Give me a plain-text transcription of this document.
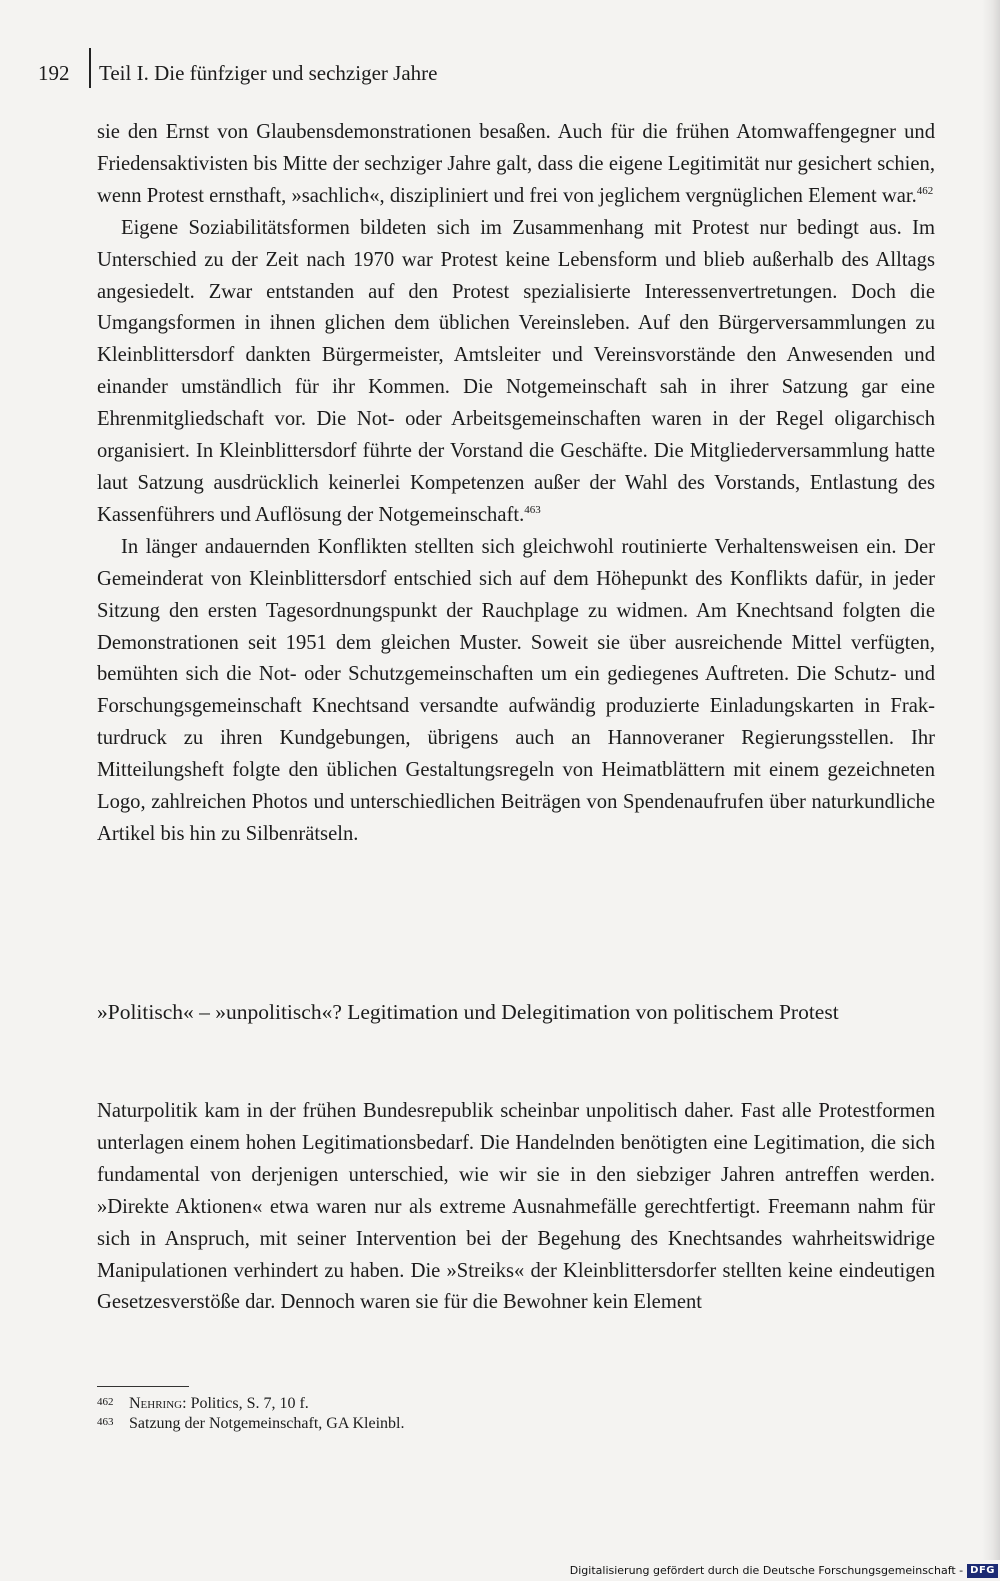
192 Teil I. Die fünfziger und sechziger Jahre

sie den Ernst von Glaubensdemonstrationen besaßen. Auch für die frühen Atomwaffengegner und Friedensaktivisten bis Mitte der sechziger Jahre galt, dass die eigene Legitimität nur gesichert schien, wenn Protest ernsthaft, »sachlich«, diszipliniert und frei von jeglichem vergnüglichen Element war.$^{462}$

Eigene Soziabilitätsformen bildeten sich im Zusammenhang mit Protest nur bedingt aus. Im Unterschied zu der Zeit nach 1970 war Protest keine Lebensform und blieb außerhalb des Alltags angesiedelt. Zwar entstanden auf den Protest spezialisierte Interessenvertretungen. Doch die Umgangsformen in ihnen glichen dem üblichen Vereinsleben. Auf den Bürgerversammlungen zu Kleinblittersdorf dankten Bürgermeister, Amtsleiter und Vereinsvorstände den Anwesenden und einander umständlich für ihr Kommen. Die Notgemeinschaft sah in ihrer Satzung gar eine Ehrenmitgliedschaft vor. Die Not- oder Arbeitsgemeinschaften waren in der Regel oligarchisch organisiert. In Kleinblittersdorf führte der Vorstand die Geschäfte. Die Mitgliederversammlung hatte laut Satzung ausdrücklich keinerlei Kompetenzen außer der Wahl des Vorstands, Entlastung des Kassenführers und Auflösung der Notgemeinschaft.$^{463}$

In länger andauernden Konflikten stellten sich gleichwohl routinierte Verhaltensweisen ein. Der Gemeinderat von Kleinblittersdorf entschied sich auf dem Höhepunkt des Konflikts dafür, in jeder Sitzung den ersten Tagesordnungspunkt der Rauchplage zu widmen. Am Knechtsand folgten die Demonstrationen seit 1951 dem gleichen Muster. Soweit sie über ausreichende Mittel verfügten, bemühten sich die Not- oder Schutzgemeinschaften um ein gediegenes Auftreten. Die Schutz- und Forschungsgemeinschaft Knechtsand versandte aufwändig produzierte Einladungskarten in Frakturdruck zu ihren Kundgebungen, übrigens auch an Hannoveraner Regierungsstellen. Ihr Mitteilungsheft folgte den üblichen Gestaltungsregeln von Heimatblättern mit einem gezeichneten Logo, zahlreichen Photos und unterschiedlichen Beiträgen von Spendenaufrufen über naturkundliche Artikel bis hin zu Silbenrätseln.

»Politisch« – »unpolitisch«? Legitimation und Delegitimation von politischem Protest

Naturpolitik kam in der frühen Bundesrepublik scheinbar unpolitisch daher. Fast alle Protestformen unterlagen einem hohen Legitimationsbedarf. Die Handelnden benötigten eine Legitimation, die sich fundamental von derjenigen unterschied, wie wir sie in den siebziger Jahren antreffen werden. »Direkte Aktionen« etwa waren nur als extreme Ausnahmefälle gerechtfertigt. Freemann nahm für sich in Anspruch, mit seiner Intervention bei der Begehung des Knechtsandes wahrheitswidrige Manipulationen verhindert zu haben. Die »Streiks« der Kleinblittersdorfer stellten keine eindeutigen Gesetzesverstöße dar. Dennoch waren sie für die Bewohner kein Element

462 Nehring: Politics, S. 7, 10 f.
463 Satzung der Notgemeinschaft, GA Kleinbl.
Digitalisierung gefördert durch die Deutsche Forschungsgemeinschaft - DFG
